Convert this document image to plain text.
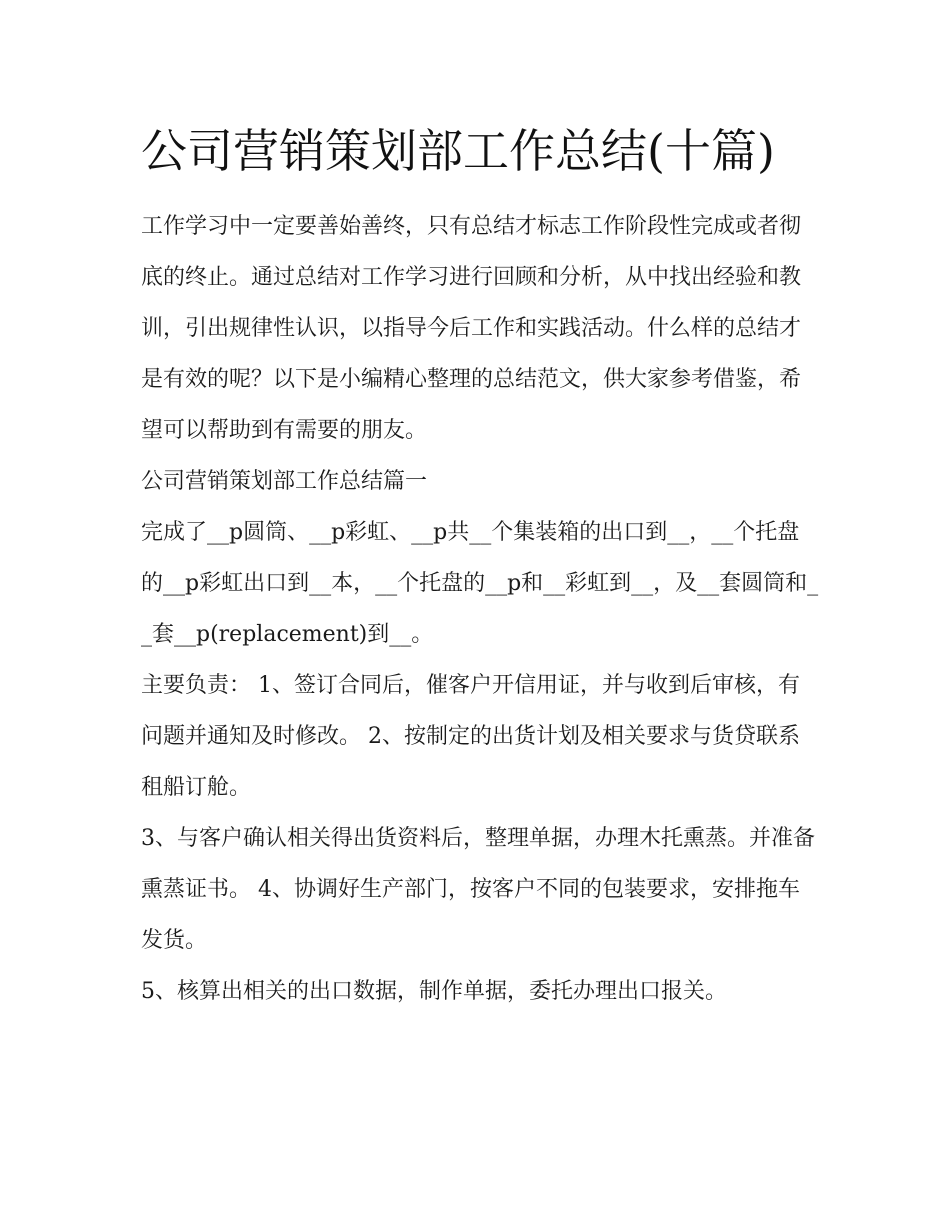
公司营销策划部工作总结(十篇)

工作学习中一定要善始善终，只有总结才标志工作阶段性完成或者彻底的终止。通过总结对工作学习进行回顾和分析，从中找出经验和教训，引出规律性认识，以指导今后工作和实践活动。什么样的总结才是有效的呢？以下是小编精心整理的总结范文，供大家参考借鉴，希望可以帮助到有需要的朋友。

公司营销策划部工作总结篇一

完成了__p圆筒、__p彩虹、__p共__个集装箱的出口到__，__个托盘的__p彩虹出口到__本，__个托盘的__p和__彩虹到__，及__套圆筒和__套__p(replacement)到__。

主要负责： 1、签订合同后，催客户开信用证，并与收到后审核，有问题并通知及时修改。 2、按制定的出货计划及相关要求与货贷联系租船订舱。

3、与客户确认相关得出货资料后，整理单据，办理木托熏蒸。并准备熏蒸证书。 4、协调好生产部门，按客户不同的包装要求，安排拖车发货。

5、核算出相关的出口数据，制作单据，委托办理出口报关。
